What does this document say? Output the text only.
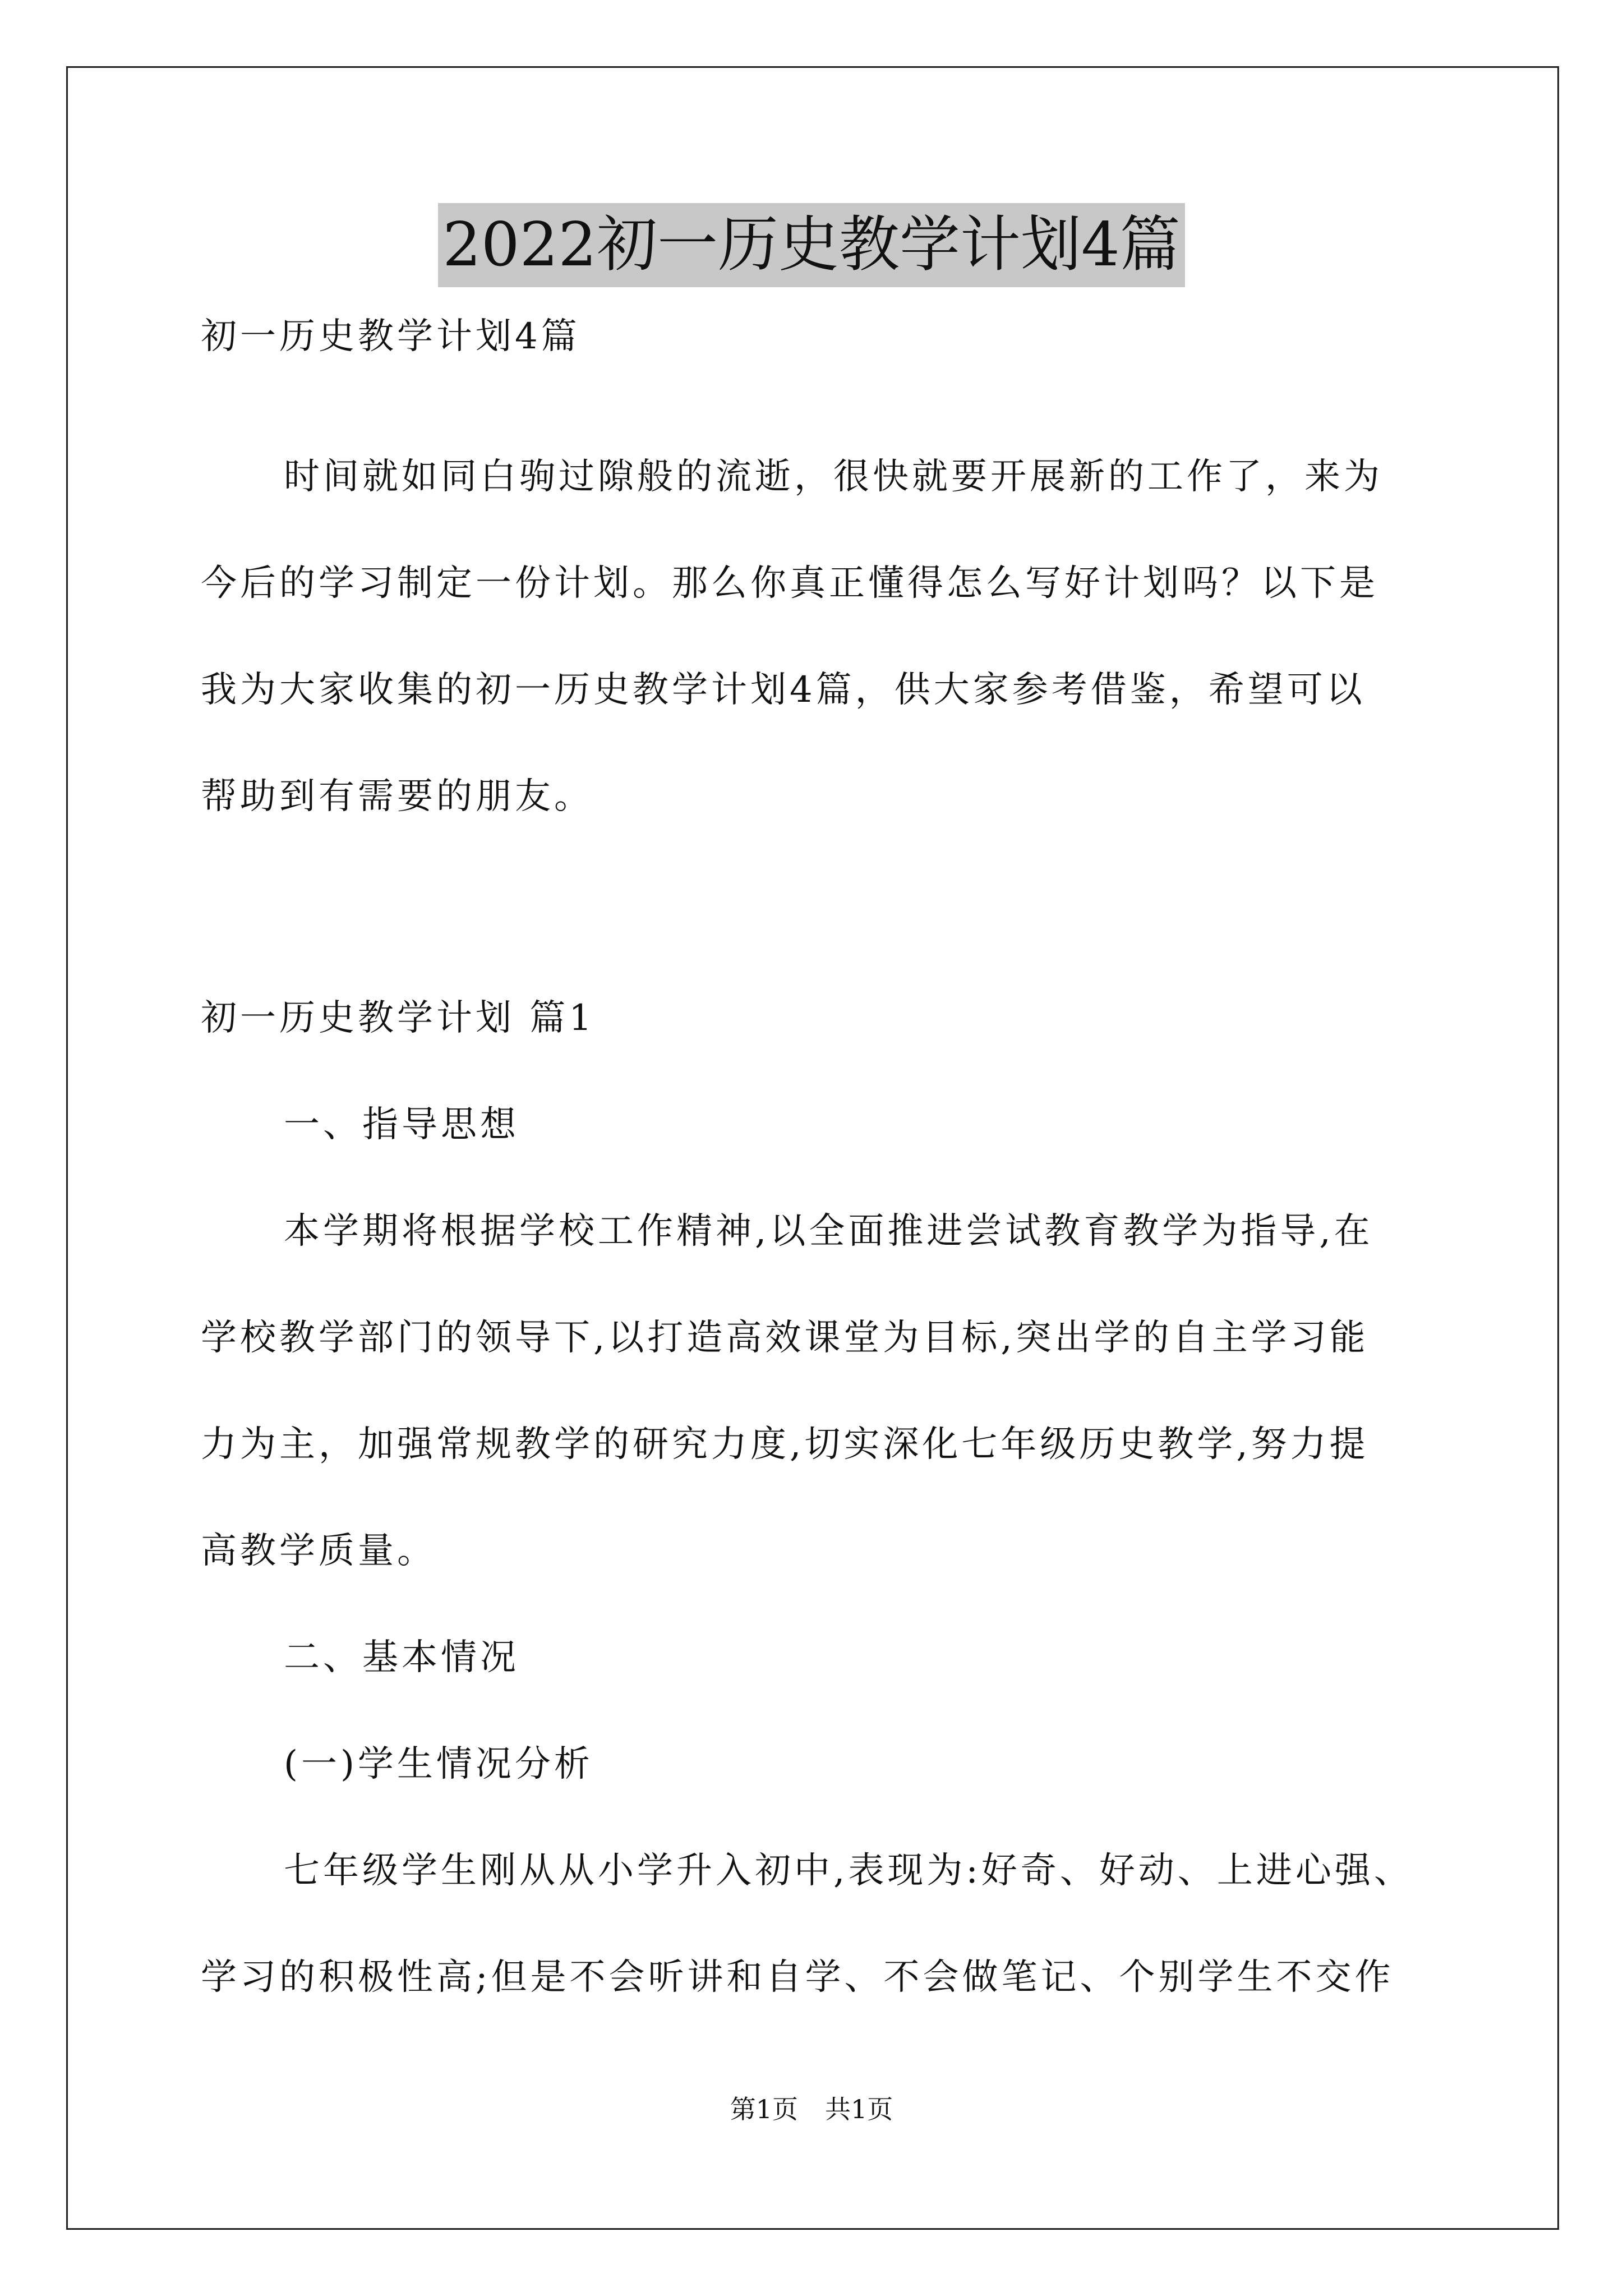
2022初一历史教学计划4篇
初一历史教学计划4篇
时间就如同白驹过隙般的流逝，很快就要开展新的工作了，来为
今后的学习制定一份计划。那么你真正懂得怎么写好计划吗？以下是
我为大家收集的初一历史教学计划4篇，供大家参考借鉴，希望可以
帮助到有需要的朋友。
初一历史教学计划 篇1
一、指导思想
本学期将根据学校工作精神,以全面推进尝试教育教学为指导,在
学校教学部门的领导下,以打造高效课堂为目标,突出学的自主学习能
力为主，加强常规教学的研究力度,切实深化七年级历史教学,努力提
高教学质量。
二、基本情况
(一)学生情况分析
七年级学生刚从从小学升入初中,表现为:好奇、好动、上进心强、
学习的积极性高;但是不会听讲和自学、不会做笔记、个别学生不交作
第1页 共1页
